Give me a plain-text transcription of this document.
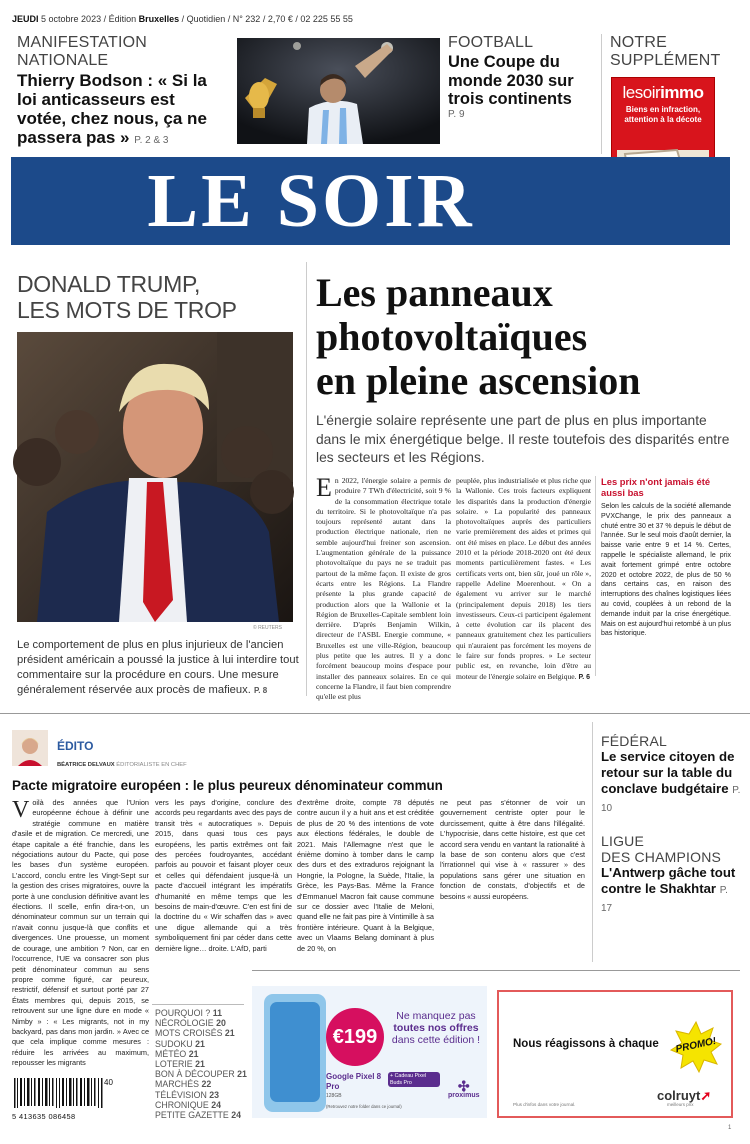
JEUDI 5 octobre 2023 / Édition Bruxelles / Quotidien / N° 232 / 2,70 € / 02 225 55 55
MANIFESTATION NATIONALE
Thierry Bodson : « Si la loi anticasseurs est votée, chez nous, ça ne passera pas » P. 2 & 3
FOOTBALL
Une Coupe du monde 2030 sur trois continents
P. 9
NOTRE
SUPPLÉMENT
lesoirimmo
Biens en infraction, attention à la décote
LE SOIR
DONALD TRUMP,
LES MOTS DE TROP
© REUTERS
Le comportement de plus en plus injurieux de l'ancien président américain a poussé la justice à lui interdire tout commentaire sur la procédure en cours. Une mesure généralement réservée aux procès de mafieux. P. 8
Les panneaux
photovoltaïques
en pleine ascension
L'énergie solaire représente une part de plus en plus importante dans le mix énergétique belge. Il reste toutefois des disparités entre les secteurs et les Régions.
En 2022, l'énergie solaire a permis de produire 7 TWh d'électricité, soit 9 % de la consommation électrique totale du territoire. Si le photovoltaïque n'a pas toujours représenté autant dans la production électrique nationale, rien ne semble aujourd'hui freiner son ascension. L'augmentation générale de la puissance photovoltaïque du pays ne se traduit pas partout de la même façon. Il existe de gros écarts entre les Régions. La Flandre présente la plus grande capacité de production alors que la Wallonie et la Région de Bruxelles-Capitale semblent loin derrière. D'après Benjamin Wilkin, directeur de l'ASBL Energie commune, « Bruxelles est une ville-Région, beaucoup plus petite que les autres. Il y a donc forcément beaucoup moins d'espace pour installer des panneaux solaires. En ce qui concerne la Flandre, il faut bien comprendre qu'elle est plus
peuplée, plus industrialisée et plus riche que la Wallonie. Ces trois facteurs expliquent les disparités dans la production d'énergie solaire. » La popularité des panneaux photovoltaïques auprès des particuliers varie premièrement des aides et primes qui ont été mises en place. Le début des années 2010 et la période 2018-2020 ont été deux moments particulièrement fastes. « Les certificats verts ont, bien sûr, joué un rôle », rappelle Adeline Moerenhout. « On a également vu arriver sur le marché (principalement depuis 2018) les tiers investisseurs. Ceux-ci participent également à cette évolution car ils placent des panneaux gratuitement chez les particuliers qui n'auraient pas forcément les moyens de le faire sur fonds propres. » Le secteur public est, en revanche, loin d'être au moteur de l'énergie solaire en Belgique. P. 6
Les prix n'ont jamais été aussi bas
Selon les calculs de la société allemande PVXChange, le prix des panneaux a chuté entre 30 et 37 % depuis le début de l'année. Sur le seul mois d'août dernier, la baisse varie entre 9 et 14 %. Certes, rappelle le spécialiste allemand, le prix avait fortement grimpé entre octobre 2020 et octobre 2022, de plus de 50 % dans certains cas, en raison des interruptions des chaînes logistiques liées au covid, couplées à un rebond de la demande induit par la crise énergétique. Mais on est aujourd'hui retombé à un plus bas historique.
ÉDITO
BÉATRICE DELVAUX ÉDITORIALISTE EN CHEF
Pacte migratoire européen : le plus peureux dénominateur commun
Voilà des années que l'Union européenne échoue à définir une stratégie commune en matière d'asile et de migration. Ce mercredi, une étape capitale a été franchie, dans les négociations autour du Pacte, qui pose les bases d'un système européen. L'accord, conclu entre les Vingt-Sept sur la gestion des crises migratoires, ouvre la porte à une conclusion définitive avant les élections. Il scelle, enfin dira-t-on, un dénominateur commun sur un terrain qui n'avait connu jusque-là que conflits et divergences. Une prouesse, un moment de courage, une ambition ? Non, car en l'occurrence, l'UE va consacrer son plus petit dénominateur commun au sens propre comme figuré, car peureux, restrictif, défensif et surtout porté par 27 États membres qui, depuis 2015, se retrouvent sur une ligne dure en mode « Nimby » : « Les migrants, not in my backyard, pas dans mon jardin. » Avec ce que cela implique comme mesures : réduire les arrivées au maximum, repousser les migrants
vers les pays d'origine, conclure des accords peu regardants avec des pays de transit très « autocratiques ». Depuis 2015, dans quasi tous ces pays européens, les partis extrêmes ont fait des percées foudroyantes, accédant parfois au pouvoir et faisant ployer ceux et celles qui défendaient jusque-là un pacte d'accueil intégrant les impératifs d'humanité en même temps que les besoins de main-d'œuvre. C'en est fini de la doctrine du « Wir schaffen das » avec une digue allemande qui a très symboliquement fini par céder dans cette dernière ligne… droite. L'AfD, parti
d'extrême droite, compte 78 députés contre aucun il y a huit ans et est créditée de plus de 20 % des intentions de vote aux élections fédérales, le double de 2021. Mais l'Allemagne n'est que le énième domino à tomber dans le camp des durs et des extraduros rejoignant la Hongrie, la Pologne, la Suède, l'Italie, la Grèce, les Pays-Bas. Même la France d'Emmanuel Macron fait cause commune sur ce dossier avec l'Italie de Meloni, quand elle ne fait pas pire à Vintimille à sa frontière intérieure. Quant à la Belgique, avec un Vlaams Belang dominant à plus de 20 %, on
ne peut pas s'étonner de voir un gouvernement centriste opter pour le durcissement, quitte à être dans l'illégalité. L'hypocrisie, dans cette histoire, est que cet accord sera vendu en vantant la rationalité à la base de son contenu alors que c'est l'irrationnel qui vise à « rassurer » des populations sans gérer une situation en fonction de constats, d'objectifs et de besoins « aussi européens.
FÉDÉRAL
Le service citoyen de retour sur la table du conclave budgétaire P. 10
LIGUE
DES CHAMPIONS
L'Antwerp gâche tout contre le Shakhtar P. 17
POURQUOI ? 11
NÉCROLOGIE 20
MOTS CROISÉS 21
SUDOKU 21
MÉTÉO 21
LOTERIE 21
BON À DÉCOUPER 21
MARCHÉS 22
TÉLÉVISION 23
CHRONIQUE 24
PETITE GAZETTE 24
40
5 413635 086458
€199
Ne manquez pas
toutes nos offres
dans cette édition !
Google Pixel 8 Pro
128GB
+ Cadeau Pixel Buds Pro	✣
proximus
(Retrouvez notre folder dans ce journal)
Nous réagissons à chaque	PROMO!
colruyt➚
meilleurs prix
Plus d'infos dans votre journal.
1
